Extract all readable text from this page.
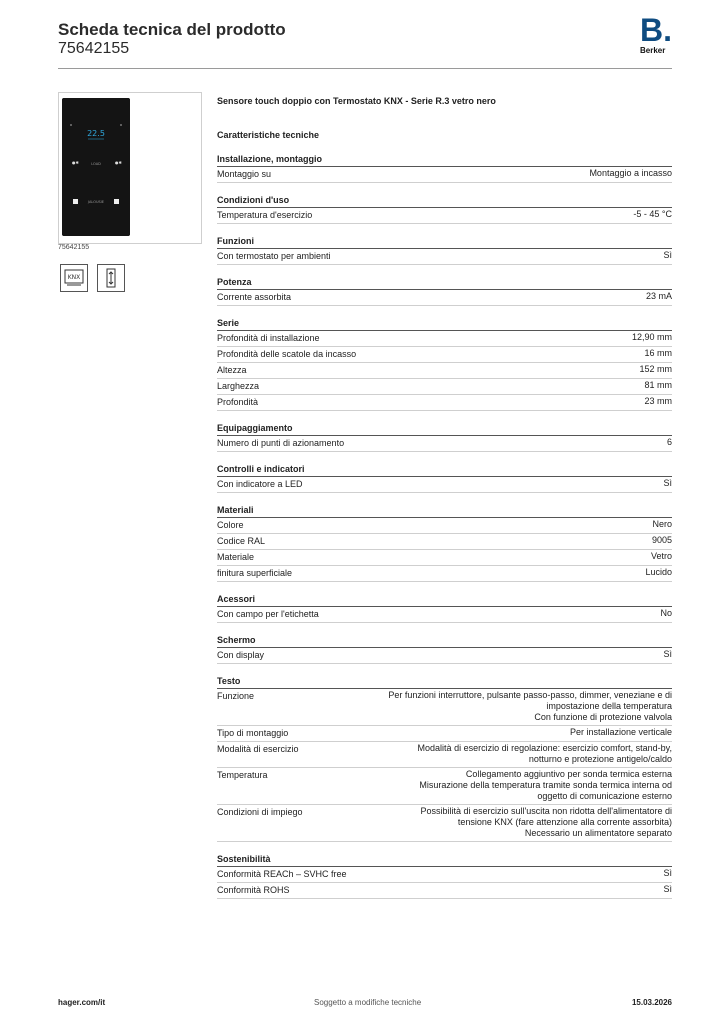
Scheda tecnica del prodotto
75642155
B.
Berker
22.5
●✱	LOAD	●✱
JALOUSIE
75642155
KNX
Sensore touch doppio con Termostato KNX - Serie R.3 vetro nero
Caratteristiche tecniche
Installazione, montaggio
Montaggio su	Montaggio a incasso
Condizioni d'uso
Temperatura d'esercizio	-5 - 45 °C
Funzioni
Con termostato per ambienti	Sì
Potenza
Corrente assorbita	23 mA
Serie
Profondità di installazione	12,90 mm
Profondità delle scatole da incasso	16 mm
Altezza	152 mm
Larghezza	81 mm
Profondità	23 mm
Equipaggiamento
Numero di punti di azionamento	6
Controlli e indicatori
Con indicatore a LED	Sì
Materiali
Colore	Nero
Codice RAL	9005
Materiale	Vetro
finitura superficiale	Lucido
Acessori
Con campo per l'etichetta	No
Schermo
Con display	Sì
Testo
Funzione	Per funzioni interruttore, pulsante passo-passo, dimmer, veneziane e di
impostazione della temperatura
Con funzione di protezione valvola
Tipo di montaggio	Per installazione verticale
Modalità di esercizio	Modalità di esercizio di regolazione: esercizio comfort, stand-by,
notturno e protezione antigelo/caldo
Temperatura	Collegamento aggiuntivo per sonda termica esterna
Misurazione della temperatura tramite sonda termica interna od
oggetto di comunicazione esterno
Condizioni di impiego	Possibilità di esercizio sull'uscita non ridotta dell'alimentatore di
tensione KNX (fare attenzione alla corrente assorbita)
Necessario un alimentatore separato
Sostenibilità
Conformità REACh – SVHC free	Sì
Conformità ROHS	Sì
hager.com/it	Soggetto a modifiche tecniche	15.03.2026
